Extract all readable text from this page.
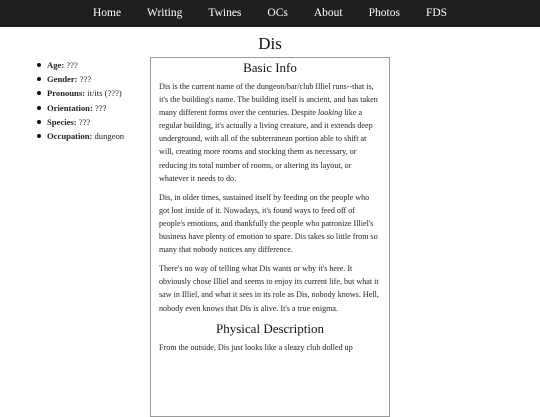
Home Writing Twines OCs About Photos FDS
Dis
Age: ???
Gender: ???
Pronouns: it/its (???)
Orientation: ???
Species: ???
Occupation: dungeon
Basic Info

Dis is the current name of the dungeon/bar/club Illiel runs--that is, it's the building's name. The building itself is ancient, and has taken many different forms over the centuries. Despite looking like a regular building, it's actually a living creature, and it extends deep underground, with all of the subterranean portion able to shift at will, creating more rooms and stocking them as necessary, or reducing its total number of rooms, or altering its layout, or whatever it needs to do.

Dis, in older times, sustained itself by feeding on the people who got lost inside of it. Nowadays, it's found ways to feed off of people's emotions, and thankfully the people who patronize Illiel's business have plenty of emotion to spare. Dis takes so little from so many that nobody notices any difference.

There's no way of telling what Dis wants or why it's here. It obviously chose Illiel and seems to enjoy its current life, but what it saw in Illiel, and what it sees in its role as Dis, nobody knows. Hell, nobody even knows that Dis is alive. It's a true enigma.

Physical Description

From the outside, Dis just looks like a sleazy club dolled up
